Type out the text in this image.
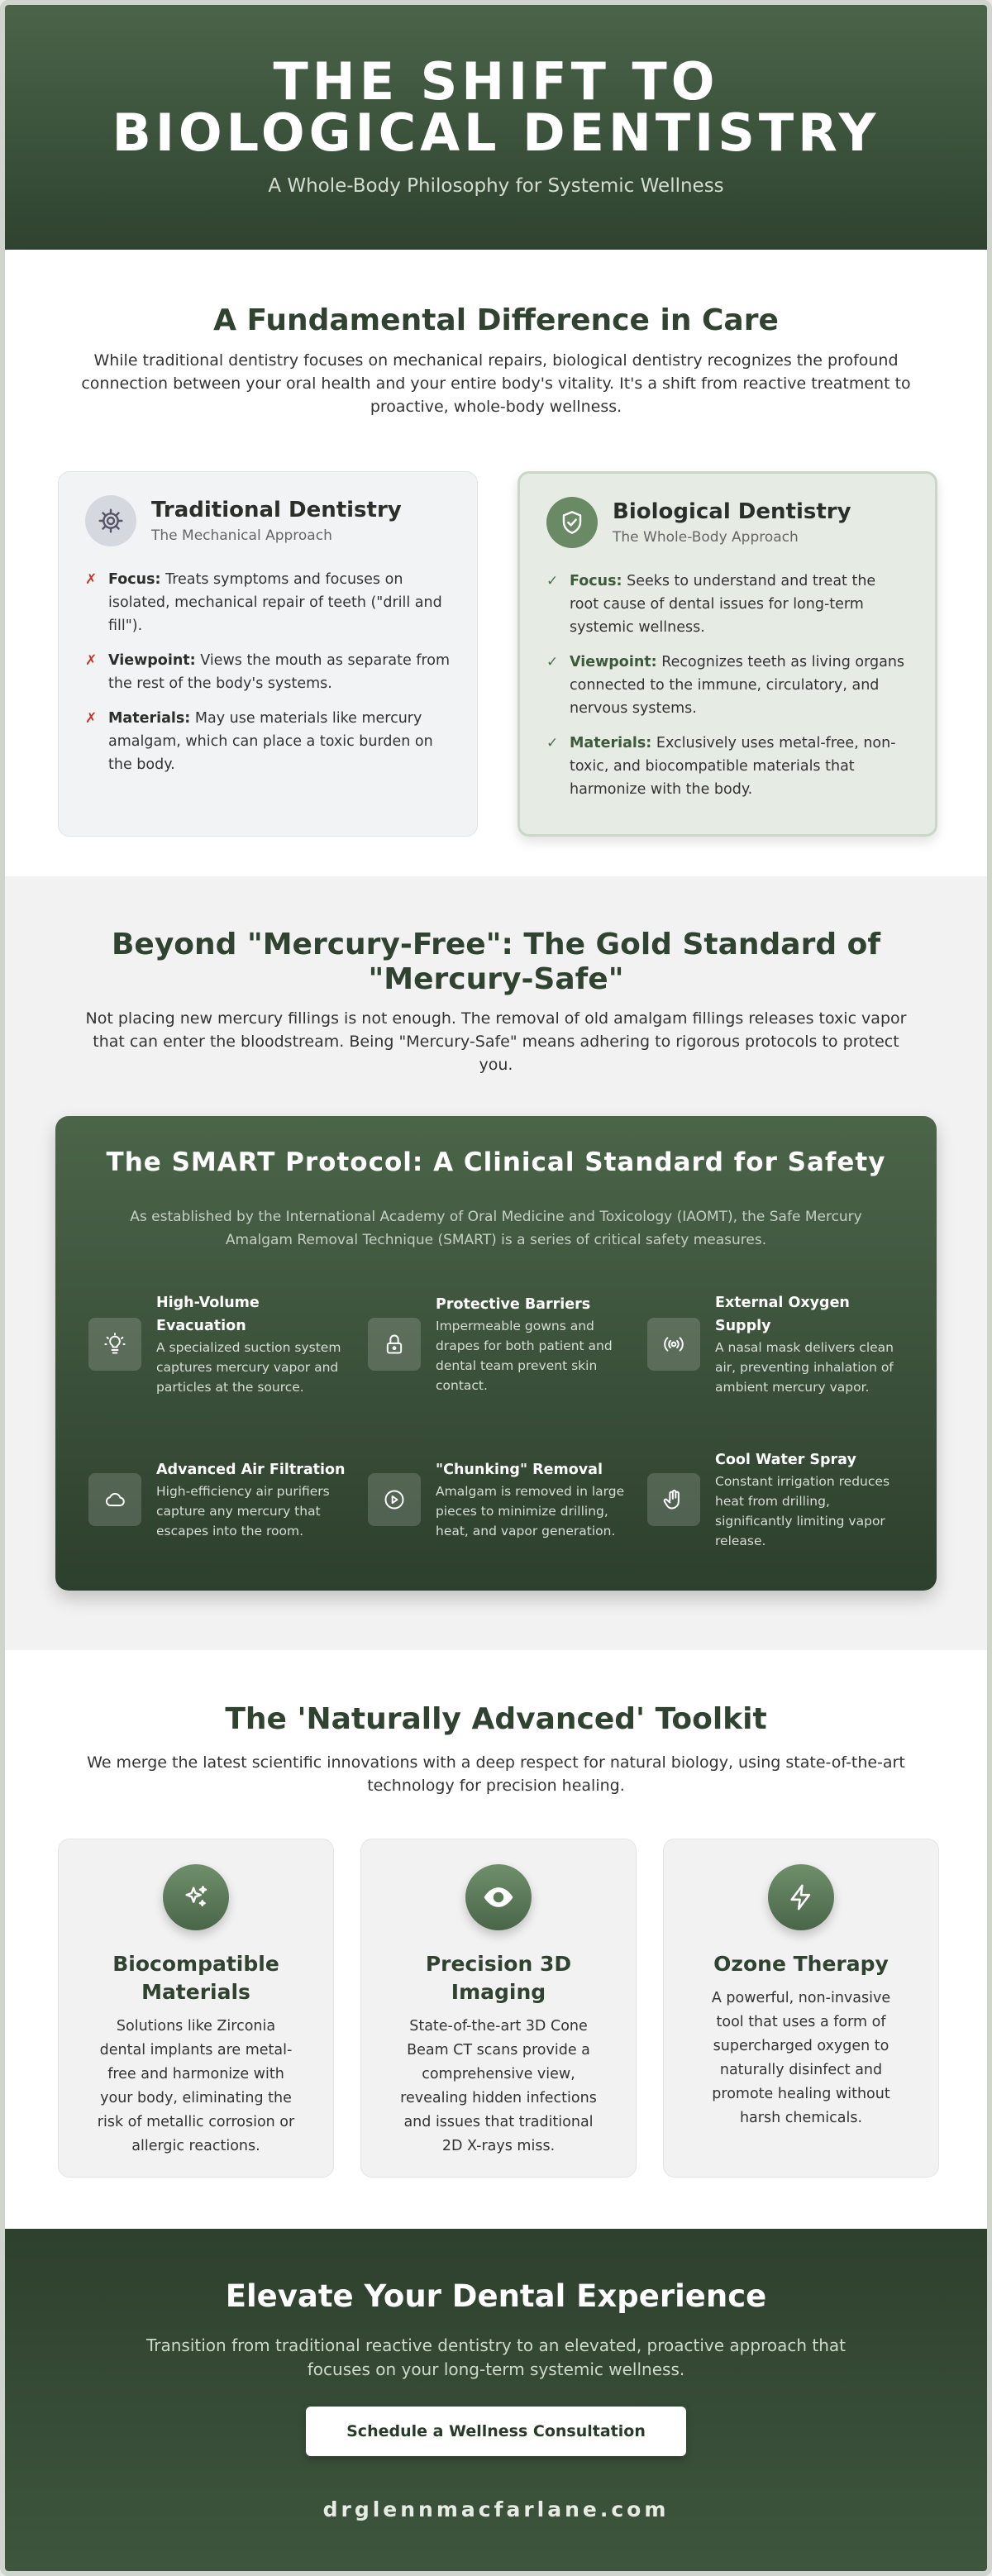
THE SHIFT TO BIOLOGICAL DENTISTRY

A Whole-Body Philosophy for Systemic Wellness

A Fundamental Difference in Care

While traditional dentistry focuses on mechanical repairs, biological dentistry recognizes the profound connection between your oral health and your entire body's vitality. It's a shift from reactive treatment to proactive, whole-body wellness.

Traditional Dentistry
The Mechanical Approach
✗ Focus: Treats symptoms and focuses on isolated, mechanical repair of teeth ("drill and fill").
✗ Viewpoint: Views the mouth as separate from the rest of the body's systems.
✗ Materials: May use materials like mercury amalgam, which can place a toxic burden on the body.
Biological Dentistry
The Whole-Body Approach
✓ Focus: Seeks to understand and treat the root cause of dental issues for long-term systemic wellness.
✓ Viewpoint: Recognizes teeth as living organs connected to the immune, circulatory, and nervous systems.
✓ Materials: Exclusively uses metal-free, non-toxic, and biocompatible materials that harmonize with the body.
Beyond "Mercury-Free": The Gold Standard of "Mercury-Safe"

Not placing new mercury fillings is not enough. The removal of old amalgam fillings releases toxic vapor that can enter the bloodstream. Being "Mercury-Safe" means adhering to rigorous protocols to protect you.

The SMART Protocol: A Clinical Standard for Safety

As established by the International Academy of Oral Medicine and Toxicology (IAOMT), the Safe Mercury Amalgam Removal Technique (SMART) is a series of critical safety measures.

High-Volume Evacuation
A specialized suction system captures mercury vapor and particles at the source.
Protective Barriers
Impermeable gowns and drapes for both patient and dental team prevent skin contact.
External Oxygen Supply
A nasal mask delivers clean air, preventing inhalation of ambient mercury vapor.
Advanced Air Filtration
High-efficiency air purifiers capture any mercury that escapes into the room.
"Chunking" Removal
Amalgam is removed in large pieces to minimize drilling, heat, and vapor generation.
Cool Water Spray
Constant irrigation reduces heat from drilling, significantly limiting vapor release.
The 'Naturally Advanced' Toolkit

We merge the latest scientific innovations with a deep respect for natural biology, using state-of-the-art technology for precision healing.

Biocompatible Materials

Solutions like Zirconia dental implants are metal-free and harmonize with your body, eliminating the risk of metallic corrosion or allergic reactions.

Precision 3D Imaging

State-of-the-art 3D Cone Beam CT scans provide a comprehensive view, revealing hidden infections and issues that traditional 2D X-rays miss.

Ozone Therapy

A powerful, non-invasive tool that uses a form of supercharged oxygen to naturally disinfect and promote healing without harsh chemicals.

Elevate Your Dental Experience

Transition from traditional reactive dentistry to an elevated, proactive approach that focuses on your long-term systemic wellness.

Schedule a Wellness Consultation
drglennmacfarlane.com
